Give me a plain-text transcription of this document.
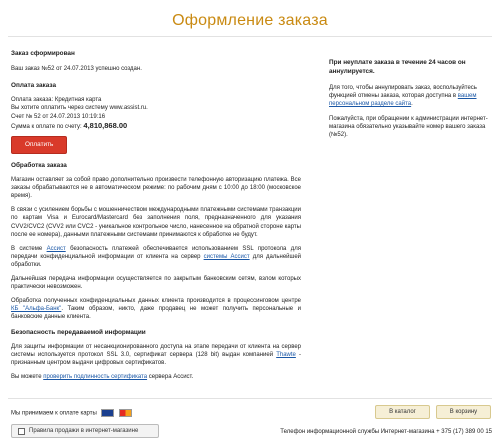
Оформление заказа

Заказ сформирован

Ваш заказ №52 от 24.07.2013 успешно создан.

Оплата заказа

Оплата заказа: Кредитная карта

Вы хотите оплатить через систему www.assist.ru.

Счет № 52 от 24.07.2013 10:19:16

Сумма к оплате по счету: 4,810,868.00

Оплатить

Обработка заказа

Магазин оставляет за собой право дополнительно произвести телефонную авторизацию платежа. Все заказы обрабатываются не в автоматическом режиме: по рабочим дням с 10:00 до 18:00 (московское время).

В связи с усилением борьбы с мошенничеством международными платежными системами транзакции по картам Visa и Eurocard/Mastercard без заполнения поля, предназначенного для указания CVV2/CVC2 (CVV2 или CVC2 - уникальное контрольное число, нанесенное на обратной стороне карты после ее номера), данными платежными системами принимаются к обработке не будут.

В системе Ассист безопасность платежей обеспечивается использованием SSL протокола для передачи конфиденциальной информации от клиента на сервер системы Ассист для дальнейшей обработки.

Дальнейшая передача информации осуществляется по закрытым банковским сетям, взлом которых практически невозможен.

Обработка полученных конфиденциальных данных клиента производится в процессинговом центре КБ "Альфа-Банк". Таким образом, никто, даже продавец не может получить персональные и банковские данные клиента.

Безопасность передаваемой информации

Для защиты информации от несанкционированного доступа на этапе передачи от клиента на сервер системы используется протокол SSL 3.0, сертификат сервера (128 bit) выдан компанией Thawte - признанным центром выдачи цифровых сертификатов.

Вы можете проверить подлинность сертификата сервера Ассист.

При неуплате заказа в течение 24 часов он аннулируется.

Для того, чтобы аннулировать заказ, воспользуйтесь функцией отмены заказа, которая доступна в вашем персональном разделе сайта.

Пожалуйста, при обращении к администрации интернет-магазина обязательно указывайте номер вашего заказа (№52).

Мы принимаем к оплате карты
Правила продажи в интернет-магазине
В каталог	В корзину
Телефон информационной службы Интернет-магазина + 375 (17) 389 00 15
